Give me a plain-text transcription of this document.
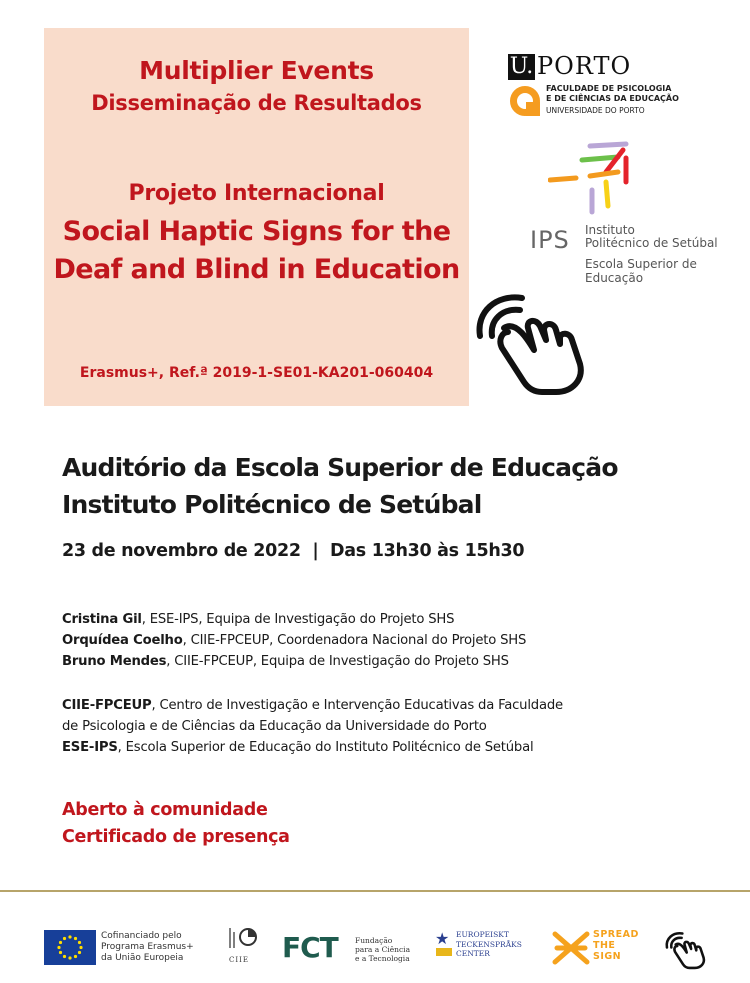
Multiplier Events
Disseminação de Resultados
Projeto Internacional
Social Haptic Signs for the
Deaf and Blind in Education
Erasmus+, Ref.ª 2019-1-SE01-KA201-060404
U. PORTO
FACULDADE DE PSICOLOGIA
E DE CIÊNCIAS DA EDUCAÇÃO
UNIVERSIDADE DO PORTO
IPS Instituto
Politécnico de Setúbal
Escola Superior de
Educação
Auditório da Escola Superior de Educação
Instituto Politécnico de Setúbal
23 de novembro de 2022  |  Das 13h30 às 15h30
Cristina Gil, ESE-IPS, Equipa de Investigação do Projeto SHS
Orquídea Coelho, CIIE-FPCEUP, Coordenadora Nacional do Projeto SHS
Bruno Mendes, CIIE-FPCEUP, Equipa de Investigação do Projeto SHS
CIIE-FPCEUP, Centro de Investigação e Intervenção Educativas da Faculdade
de Psicologia e de Ciências da Educação da Universidade do Porto
ESE-IPS, Escola Superior de Educação do Instituto Politécnico de Setúbal
Aberto à comunidade
Certificado de presença
Cofinanciado pelo
Programa Erasmus+
da União Europeia	CIIE FCT Fundação
para a Ciência
e a Tecnologia
★ EUROPEISKT
TECKENSPRÅKS
CENTER
SPREAD
THE
SIGN
